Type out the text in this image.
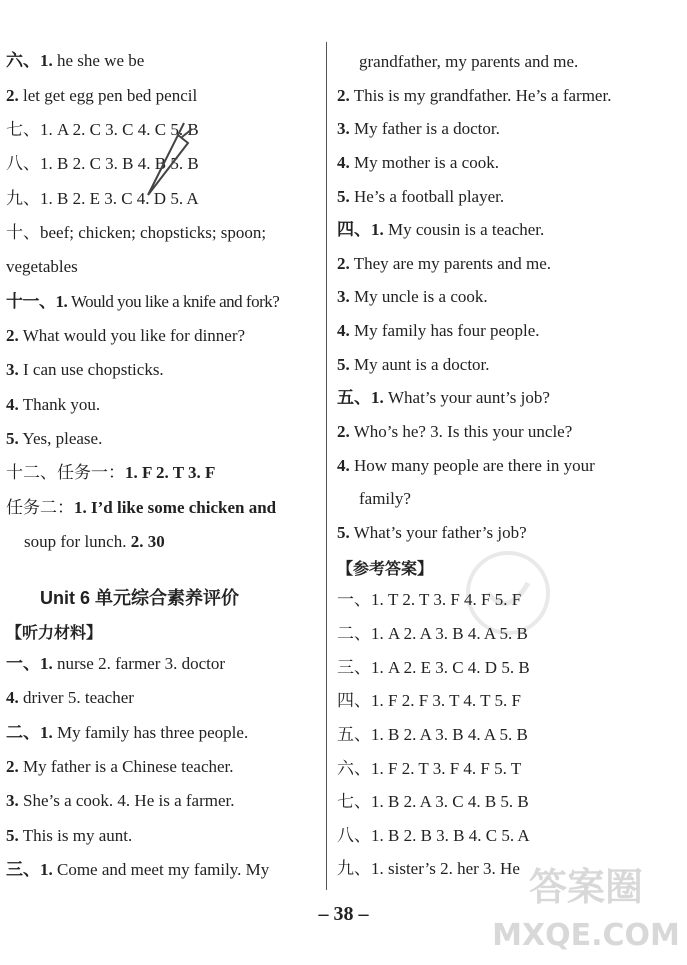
六、1. he she we be
2. let get egg pen bed pencil
七、1. A 2. C 3. C 4. C 5. B
八、1. B 2. C 3. B 4. B 5. B
九、1. B 2. E 3. C 4. D 5. A
十、beef; chicken; chopsticks; spoon;
vegetables
十一、1. Would you like a knife and fork?
2. What would you like for dinner?
3. I can use chopsticks.
4. Thank you.
5. Yes, please.
十二、任务一：1. F 2. T 3. F
任务二：1. I’d like some chicken and
soup for lunch. 2. 30
Unit 6 单元综合素养评价
【听力材料】
一、1. nurse 2. farmer 3. doctor
4. driver 5. teacher
二、1. My family has three people.
2. My father is a Chinese teacher.
3. She’s a cook. 4. He is a farmer.
5. This is my aunt.
三、1. Come and meet my family. My
grandfather, my parents and me.
2. This is my grandfather. He’s a farmer.
3. My father is a doctor.
4. My mother is a cook.
5. He’s a football player.
四、1. My cousin is a teacher.
2. They are my parents and me.
3. My uncle is a cook.
4. My family has four people.
5. My aunt is a doctor.
五、1. What’s your aunt’s job?
2. Who’s he? 3. Is this your uncle?
4. How many people are there in your
family?
5. What’s your father’s job?
【参考答案】
一、1. T 2. T 3. F 4. F 5. F
二、1. A 2. A 3. B 4. A 5. B
三、1. A 2. E 3. C 4. D 5. B
四、1. F 2. F 3. T 4. T 5. F
五、1. B 2. A 3. B 4. A 5. B
六、1. F 2. T 3. F 4. F 5. T
七、1. B 2. A 3. C 4. B 5. B
八、1. B 2. B 3. B 4. C 5. A
九、1. sister’s 2. her 3. He
– 38 –
答案圈
MXQE.COM
